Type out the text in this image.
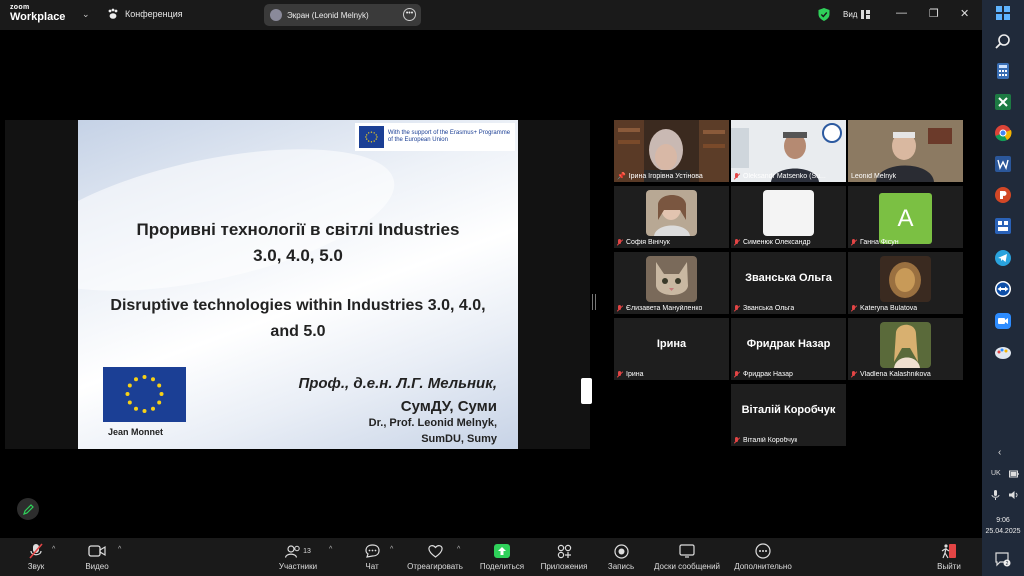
zoom
Workplace ⌄	Конференция	Экран (Leonid Melnyk)	•••	Вид	— ❐ ✕
With the support of the Erasmus+ Programme of the European Union
Проривні технології в світлі Industries
3.0, 4.0, 5.0
Disruptive technologies within Industries 3.0, 4.0,
and 5.0
Jean Monnet
Проф., д.е.н. Л.Г. Мельник,
СумДУ, Суми
Dr., Prof. Leonid Melnyk,
SumDU, Sumy
📌 Ірина Ігорівна Устінова	Oleksandr Matsenko (Su...	Leonid Melnyk
Софія Вінічук	Сименюк Олександр
A
Ганна Фісун
Єлизавета Мануйленко
Званська Ольга
Званська Ольга	Kateryna Bulatova
Ірина
Ірина
Фридрак Назар
Фридрак Назар	Vladlena Kalashnikova
Віталій Коробчук
Віталій Коробчук
Звук
^
Видео
^	13
Участники
^
Чат
^
Отреагировать
^
Поделиться	Приложения	Запись	Доски сообщений	Дополнительно	Выйти
‹
UK
9:06
25.04.2025
2
